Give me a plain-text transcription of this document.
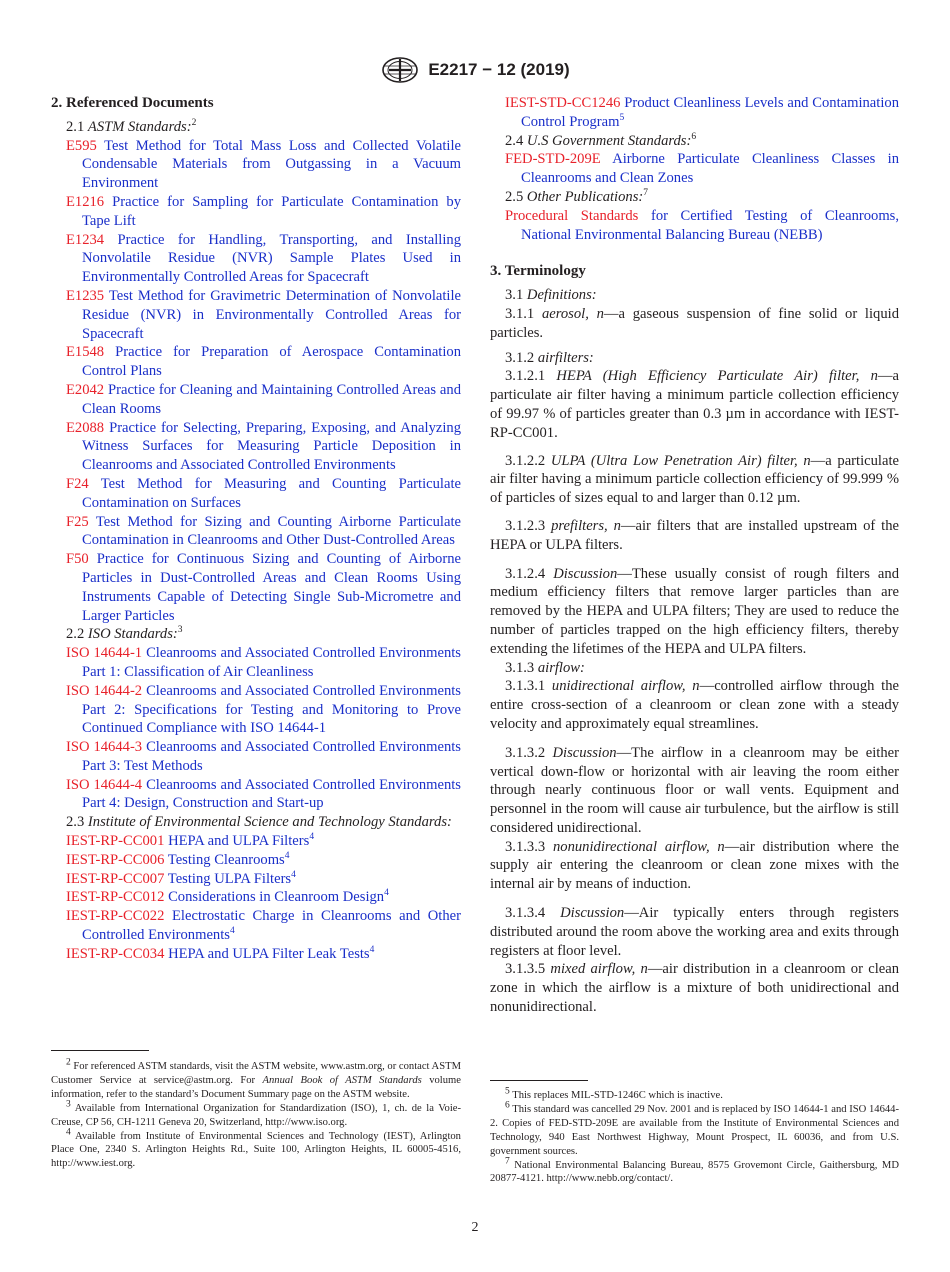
E2217 − 12 (2019)
2. Referenced Documents

2.1 ASTM Standards:$^2$

E595 Test Method for Total Mass Loss and Collected Volatile Condensable Materials from Outgassing in a Vacuum Environment

E1216 Practice for Sampling for Particulate Contamination by Tape Lift

E1234 Practice for Handling, Transporting, and Installing Nonvolatile Residue (NVR) Sample Plates Used in Environmentally Controlled Areas for Spacecraft

E1235 Test Method for Gravimetric Determination of Nonvolatile Residue (NVR) in Environmentally Controlled Areas for Spacecraft

E1548 Practice for Preparation of Aerospace Contamination Control Plans

E2042 Practice for Cleaning and Maintaining Controlled Areas and Clean Rooms

E2088 Practice for Selecting, Preparing, Exposing, and Analyzing Witness Surfaces for Measuring Particle Deposition in Cleanrooms and Associated Controlled Environments

F24 Test Method for Measuring and Counting Particulate Contamination on Surfaces

F25 Test Method for Sizing and Counting Airborne Particulate Contamination in Cleanrooms and Other Dust-Controlled Areas

F50 Practice for Continuous Sizing and Counting of Airborne Particles in Dust-Controlled Areas and Clean Rooms Using Instruments Capable of Detecting Single Sub-Micrometre and Larger Particles

2.2 ISO Standards:$^3$

ISO 14644-1 Cleanrooms and Associated Controlled Environments Part 1: Classification of Air Cleanliness

ISO 14644-2 Cleanrooms and Associated Controlled Environments Part 2: Specifications for Testing and Monitoring to Prove Continued Compliance with ISO 14644-1

ISO 14644-3 Cleanrooms and Associated Controlled Environments Part 3: Test Methods

ISO 14644-4 Cleanrooms and Associated Controlled Environments Part 4: Design, Construction and Start-up

2.3 Institute of Environmental Science and Technology Standards:

IEST-RP-CC001 HEPA and ULPA Filters$^4$

IEST-RP-CC006 Testing Cleanrooms$^4$

IEST-RP-CC007 Testing ULPA Filters$^4$

IEST-RP-CC012 Considerations in Cleanroom Design$^4$

IEST-RP-CC022 Electrostatic Charge in Cleanrooms and Other Controlled Environments$^4$

IEST-RP-CC034 HEPA and ULPA Filter Leak Tests$^4$

$^2$ For referenced ASTM standards, visit the ASTM website, www.astm.org, or contact ASTM Customer Service at service@astm.org. For Annual Book of ASTM Standards volume information, refer to the standard’s Document Summary page on the ASTM website.

$^3$ Available from International Organization for Standardization (ISO), 1, ch. de la Voie-Creuse, CP 56, CH-1211 Geneva 20, Switzerland, http://www.iso.org.

$^4$ Available from Institute of Environmental Sciences and Technology (IEST), Arlington Place One, 2340 S. Arlington Heights Rd., Suite 100, Arlington Heights, IL 60005-4516, http://www.iest.org.

IEST-STD-CC1246 Product Cleanliness Levels and Contamination Control Program$^5$

2.4 U.S Government Standards:$^6$

FED-STD-209E Airborne Particulate Cleanliness Classes in Cleanrooms and Clean Zones

2.5 Other Publications:$^7$

Procedural Standards for Certified Testing of Cleanrooms, National Environmental Balancing Bureau (NEBB)

3. Terminology

3.1 Definitions:

3.1.1 aerosol, n—a gaseous suspension of fine solid or liquid particles.

3.1.2 airfilters:

3.1.2.1 HEPA (High Efficiency Particulate Air) filter, n—a particulate air filter having a minimum particle collection efficiency of 99.97 % of particles greater than 0.3 µm in accordance with IEST-RP-CC001.

3.1.2.2 ULPA (Ultra Low Penetration Air) filter, n—a particulate air filter having a minimum particle collection efficiency of 99.999 % of particles of sizes equal to and larger than 0.12 µm.

3.1.2.3 prefilters, n—air filters that are installed upstream of the HEPA or ULPA filters.

3.1.2.4 Discussion—These usually consist of rough filters and medium efficiency filters that remove larger particles than are removed by the HEPA and ULPA filters; They are used to reduce the number of particles trapped on the high efficiency filters, thereby extending the lifetimes of the HEPA and ULPA filters.

3.1.3 airflow:

3.1.3.1 unidirectional airflow, n—controlled airflow through the entire cross-section of a cleanroom or clean zone with a steady velocity and approximately equal streamlines.

3.1.3.2 Discussion—The airflow in a cleanroom may be either vertical down-flow or horizontal with air leaving the room either through nearly continuous floor or wall vents. Equipment and personnel in the room will cause air turbulence, but the airflow is still considered unidirectional.

3.1.3.3 nonunidirectional airflow, n—air distribution where the supply air entering the cleanroom or clean zone mixes with the internal air by means of induction.

3.1.3.4 Discussion—Air typically enters through registers distributed around the room above the working area and exits through registers at floor level.

3.1.3.5 mixed airflow, n—air distribution in a cleanroom or clean zone in which the airflow is a mixture of both unidirectional and nonunidirectional.

$^5$ This replaces MIL-STD-1246C which is inactive.

$^6$ This standard was cancelled 29 Nov. 2001 and is replaced by ISO 14644-1 and ISO 14644-2. Copies of FED-STD-209E are available from the Institute of Environmental Sciences and Technology, 940 East Northwest Highway, Mount Prospect, IL 60036, and from U.S. government sources.

$^7$ National Environmental Balancing Bureau, 8575 Grovemont Circle, Gaithersburg, MD 20877-4121. http://www.nebb.org/contact/.

2
